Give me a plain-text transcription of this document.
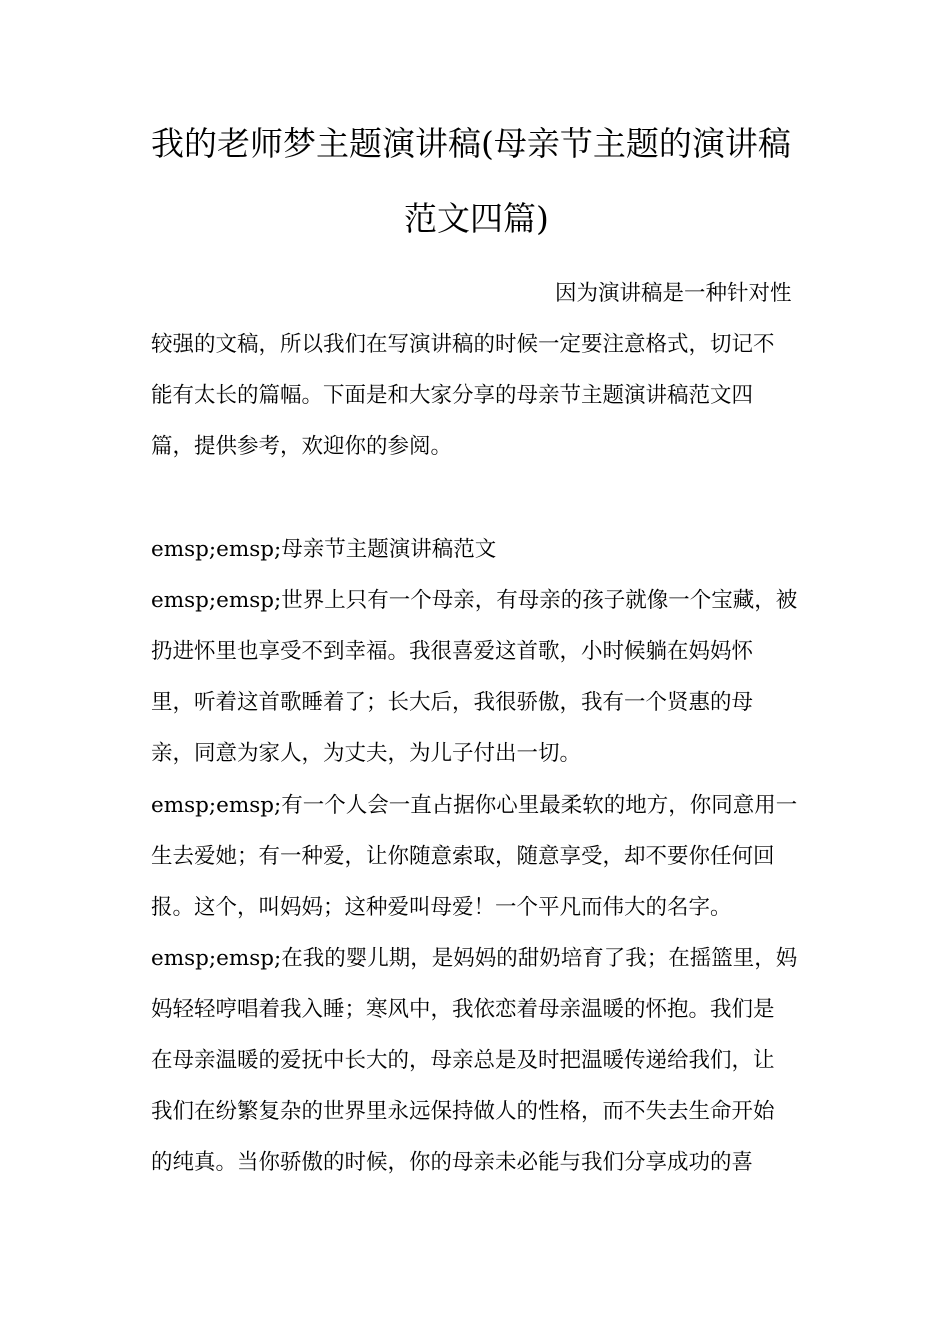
我的老师梦主题演讲稿(母亲节主题的演讲稿
范文四篇)

因为演讲稿是一种针对性

较强的文稿，所以我们在写演讲稿的时候一定要注意格式，切记不

能有太长的篇幅。下面是和大家分享的母亲节主题演讲稿范文四

篇，提供参考，欢迎你的参阅。

emsp;emsp;母亲节主题演讲稿范文

emsp;emsp;世界上只有一个母亲，有母亲的孩子就像一个宝藏，被

扔进怀里也享受不到幸福。我很喜爱这首歌，小时候躺在妈妈怀

里，听着这首歌睡着了；长大后，我很骄傲，我有一个贤惠的母

亲，同意为家人，为丈夫，为儿子付出一切。

emsp;emsp;有一个人会一直占据你心里最柔软的地方，你同意用一

生去爱她；有一种爱，让你随意索取，随意享受，却不要你任何回

报。这个，叫妈妈；这种爱叫母爱！一个平凡而伟大的名字。

emsp;emsp;在我的婴儿期，是妈妈的甜奶培育了我；在摇篮里，妈

妈轻轻哼唱着我入睡；寒风中，我依恋着母亲温暖的怀抱。我们是

在母亲温暖的爱抚中长大的，母亲总是及时把温暖传递给我们，让

我们在纷繁复杂的世界里永远保持做人的性格，而不失去生命开始

的纯真。当你骄傲的时候，你的母亲未必能与我们分享成功的喜
